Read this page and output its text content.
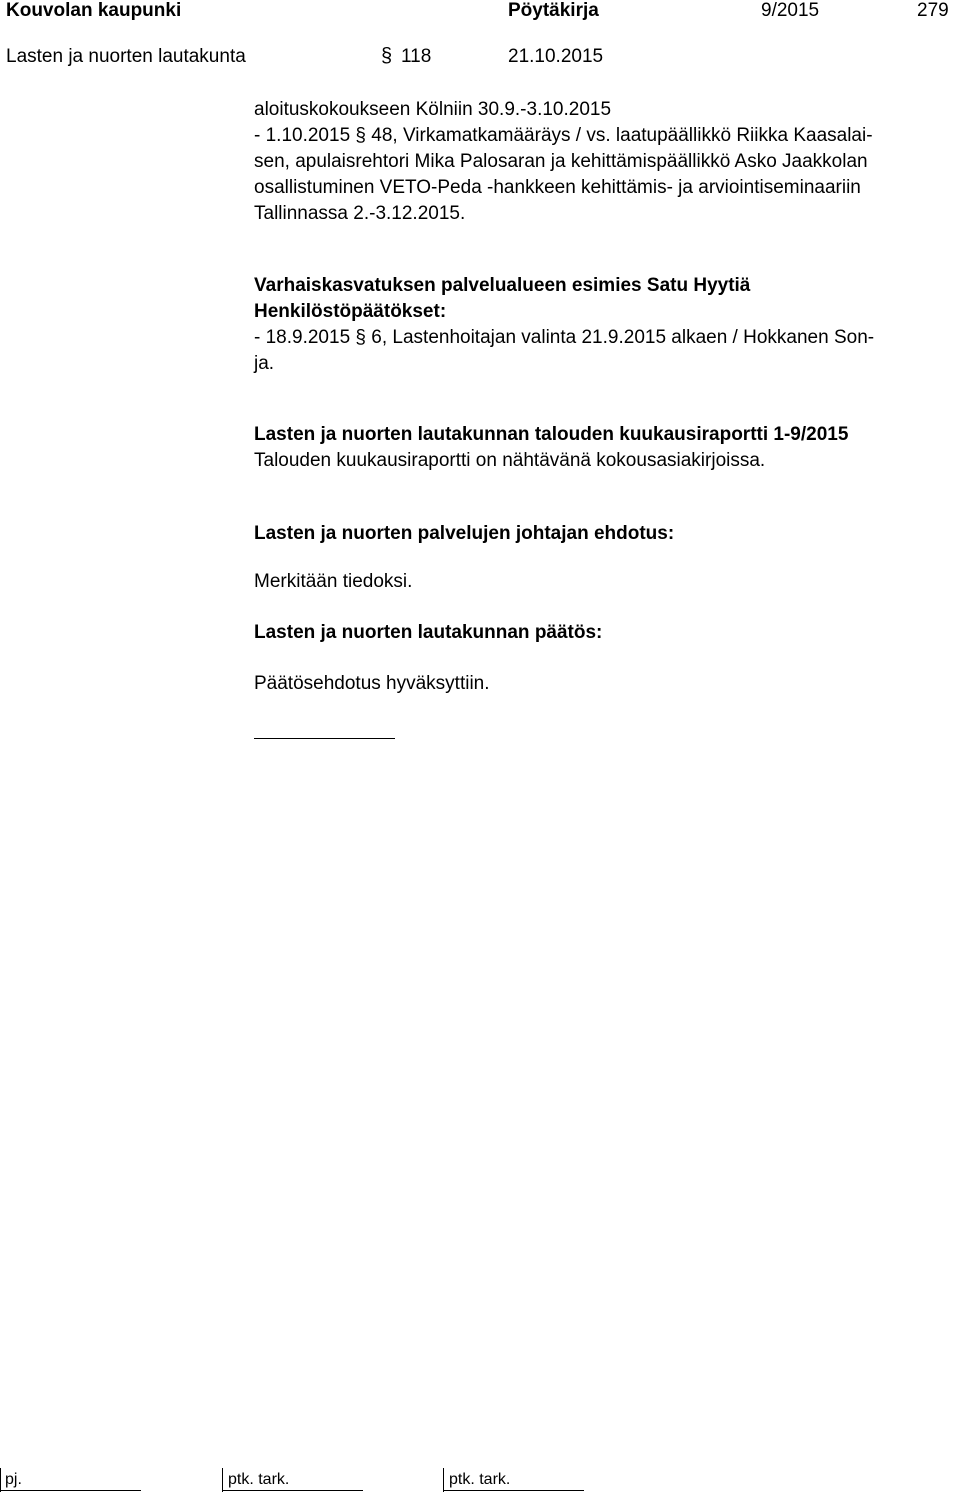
Kouvolan kaupunki	Pöytäkirja	9/2015	279
Lasten ja nuorten lautakunta	§ 118	21.10.2015
aloituskokoukseen Kölniin 30.9.-3.10.2015
- 1.10.2015 § 48, Virkamatkamääräys / vs. laatupäällikkö Riikka Kaasalai-
sen, apulaisrehtori Mika Palosaran ja kehittämispäällikkö Asko Jaakkolan
osallistuminen VETO-Peda -hankkeen kehittämis- ja arviointiseminaariin
Tallinnassa 2.-3.12.2015.
Varhaiskasvatuksen palvelualueen esimies Satu Hyytiä
Henkilöstöpäätökset:
- 18.9.2015 § 6, Lastenhoitajan valinta 21.9.2015 alkaen / Hokkanen Son-
ja.
Lasten ja nuorten lautakunnan talouden kuukausiraportti 1-9/2015
Talouden kuukausiraportti on nähtävänä kokousasiakirjoissa.
Lasten ja nuorten palvelujen johtajan ehdotus:
Merkitään tiedoksi.
Lasten ja nuorten lautakunnan päätös:
Päätösehdotus hyväksyttiin.
pj.	ptk. tark.	ptk. tark.
